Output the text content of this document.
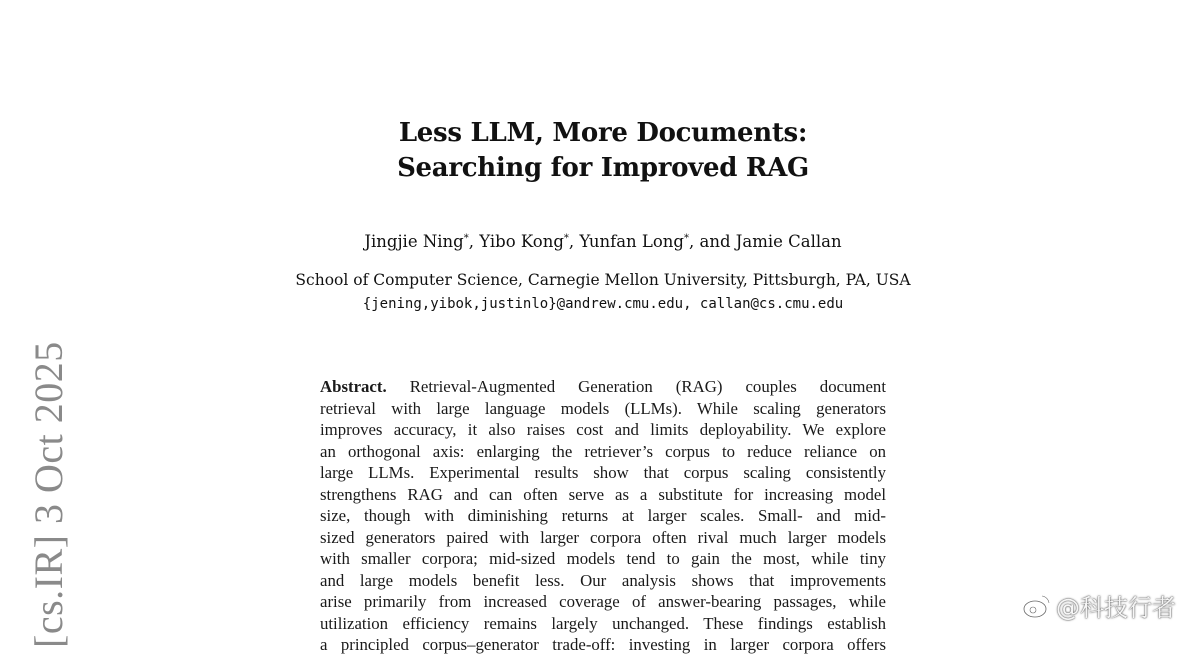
Less LLM, More Documents:
Searching for Improved RAG
Jingjie Ning*, Yibo Kong*, Yunfan Long*, and Jamie Callan
School of Computer Science, Carnegie Mellon University, Pittsburgh, PA, USA
{jening,yibok,justinlo}@andrew.cmu.edu, callan@cs.cmu.edu
Abstract. Retrieval-Augmented Generation (RAG) couples document
retrieval with large language models (LLMs). While scaling generators
improves accuracy, it also raises cost and limits deployability. We explore
an orthogonal axis: enlarging the retriever’s corpus to reduce reliance on
large LLMs. Experimental results show that corpus scaling consistently
strengthens RAG and can often serve as a substitute for increasing model
size, though with diminishing returns at larger scales. Small- and mid-
sized generators paired with larger corpora often rival much larger models
with smaller corpora; mid-sized models tend to gain the most, while tiny
and large models benefit less. Our analysis shows that improvements
arise primarily from increased coverage of answer-bearing passages, while
utilization efficiency remains largely unchanged. These findings establish
a principled corpus–generator trade-off: investing in larger corpora offers
[cs.IR] 3 Oct 2025	@科技行者
